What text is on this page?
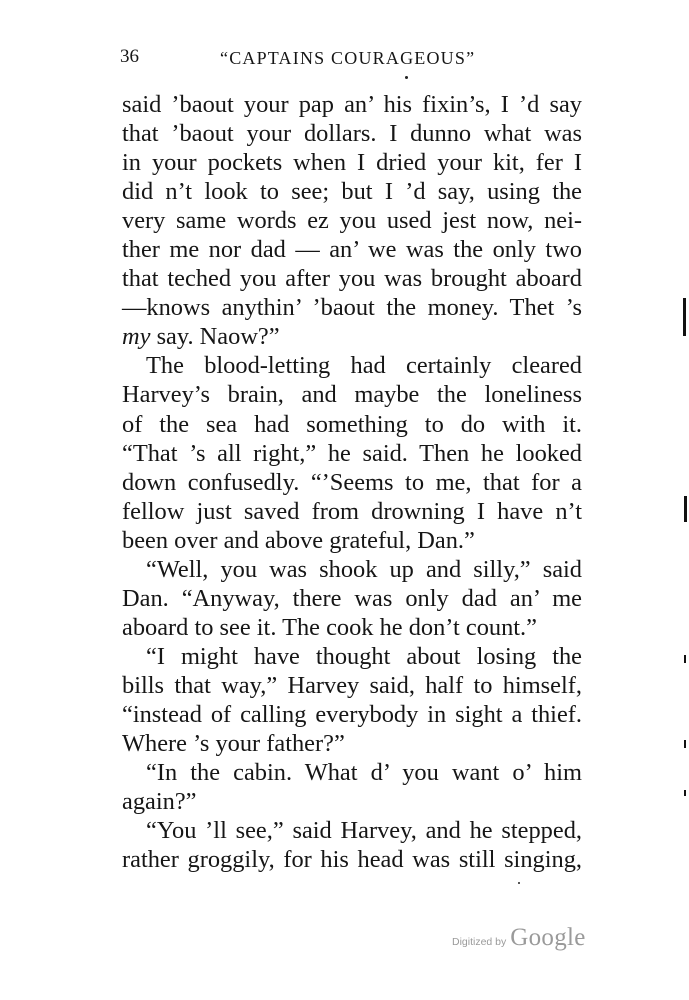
36	“CAPTAINS COURAGEOUS”
said ’baout your pap an’ his fixin’s, I ’d say
that ’baout your dollars. I dunno what was
in your pockets when I dried your kit, fer I
did n’t look to see; but I ’d say, using the
very same words ez you used jest now, nei-
ther me nor dad — an’ we was the only two
that teched you after you was brought aboard
—knows anythin’ ’baout the money. Thet ’s
my say. Naow?”
The blood-letting had certainly cleared
Harvey’s brain, and maybe the loneliness
of the sea had something to do with it.
“That ’s all right,” he said. Then he looked
down confusedly. “’Seems to me, that for a
fellow just saved from drowning I have n’t
been over and above grateful, Dan.”
“Well, you was shook up and silly,” said
Dan. “Anyway, there was only dad an’ me
aboard to see it. The cook he don’t count.”
“I might have thought about losing the
bills that way,” Harvey said, half to himself,
“instead of calling everybody in sight a thief.
Where ’s your father?”
“In the cabin. What d’ you want o’ him
again?”
“You ’ll see,” said Harvey, and he stepped,
rather groggily, for his head was still singing,
Digitized by Google
